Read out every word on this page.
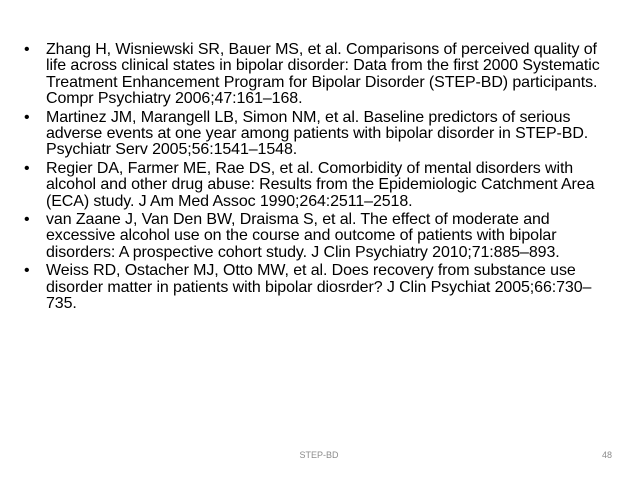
• Zhang H, Wisniewski SR, Bauer MS, et al. Comparisons of perceived quality of life across clinical states in bipolar disorder: Data from the first 2000 Systematic Treatment Enhancement Program for Bipolar Disorder (STEP-BD) participants. Compr Psychiatry 2006;47:161–168.
• Martinez JM, Marangell LB, Simon NM, et al. Baseline predictors of serious adverse events at one year among patients with bipolar disorder in STEP-BD. Psychiatr Serv 2005;56:1541–1548.
• Regier DA, Farmer ME, Rae DS, et al. Comorbidity of mental disorders with alcohol and other drug abuse: Results from the Epidemiologic Catchment Area (ECA) study. J Am Med Assoc 1990;264:2511–2518.
• van Zaane J, Van Den BW, Draisma S, et al. The effect of moderate and excessive alcohol use on the course and outcome of patients with bipolar disorders: A prospective cohort study. J Clin Psychiatry 2010;71:885–893.
• Weiss RD, Ostacher MJ, Otto MW, et al. Does recovery from substance use disorder matter in patients with bipolar diosrder? J Clin Psychiat 2005;66:730–735.
STEP-BD	48
